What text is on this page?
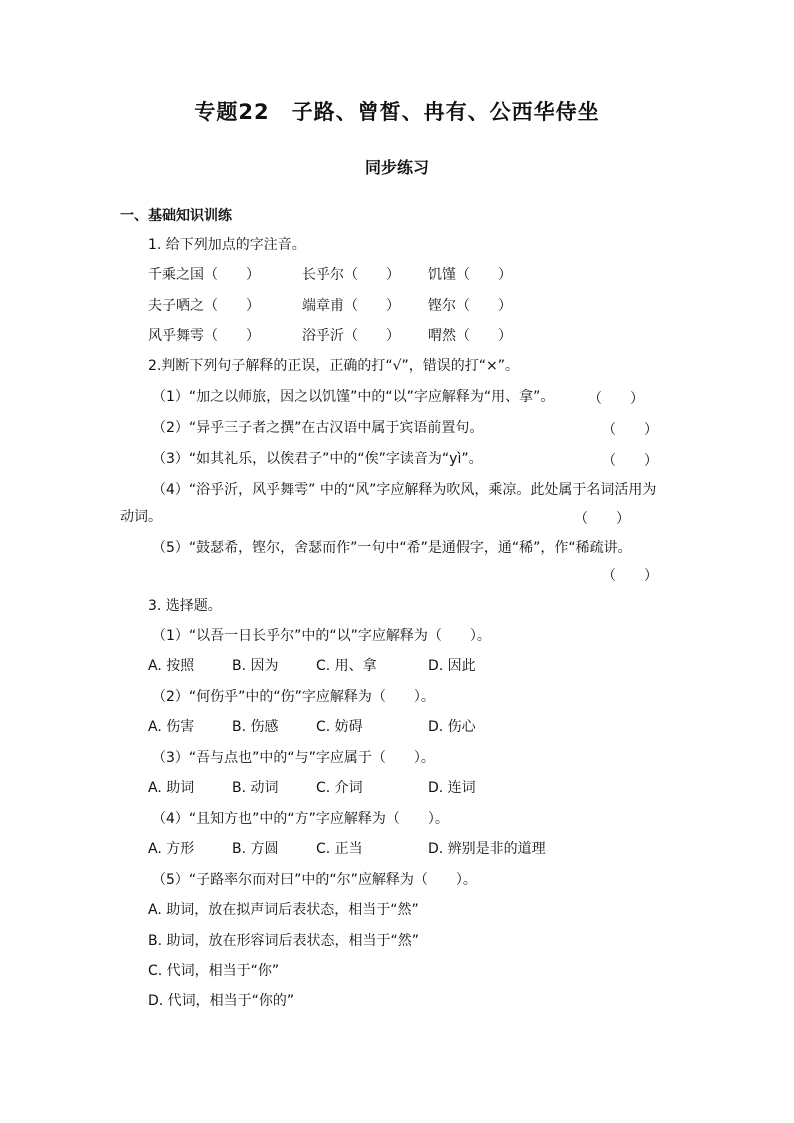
专题22　子路、曾皙、冉有、公西华侍坐
同步练习
一、基础知识训练
1. 给下列加点的字注音。
千乘之国（　　）	长乎尔（　　） 饥馑（　　）
夫子哂之（　　）	端章甫（　　） 铿尔（　　）
风乎舞雩（　　）	浴乎沂（　　） 喟然（　　）
2.判断下列句子解释的正误，正确的打“√”，错误的打“×”。
（1）“加之以师旅，因之以饥馑”中的“以”字应解释为“用、拿”。 （　　）
（2）“异乎三子者之撰”在古汉语中属于宾语前置句。	（　　）
（3）“如其礼乐，以俟君子”中的“俟”字读音为“yì”。	（　　）
（4）“浴乎沂，风乎舞雩” 中的“风”字应解释为吹风，乘凉。此处属于名词活用为
动词。	（　　）
（5）“鼓瑟希，铿尔，舍瑟而作”一句中“希”是通假字，通“稀”，作“稀疏讲。
（　　）
3. 选择题。
（1）“以吾一日长乎尔”中的“以”字应解释为（　　）。
A. 按照	B. 因为	C. 用、拿	D. 因此
（2）“何伤乎”中的“伤”字应解释为（　　）。
A. 伤害	B. 伤感	C. 妨碍	D. 伤心
（3）“吾与点也”中的“与”字应属于（　　）。
A. 助词	B. 动词	C. 介词	D. 连词
（4）“且知方也”中的“方”字应解释为（　　）。
A. 方形	B. 方圆	C. 正当	D. 辨别是非的道理
（5）“子路率尔而对曰”中的“尔”应解释为（　　）。
A. 助词，放在拟声词后表状态，相当于“然”
B. 助词，放在形容词后表状态，相当于“然”
C. 代词，相当于“你”
D. 代词，相当于“你的”
